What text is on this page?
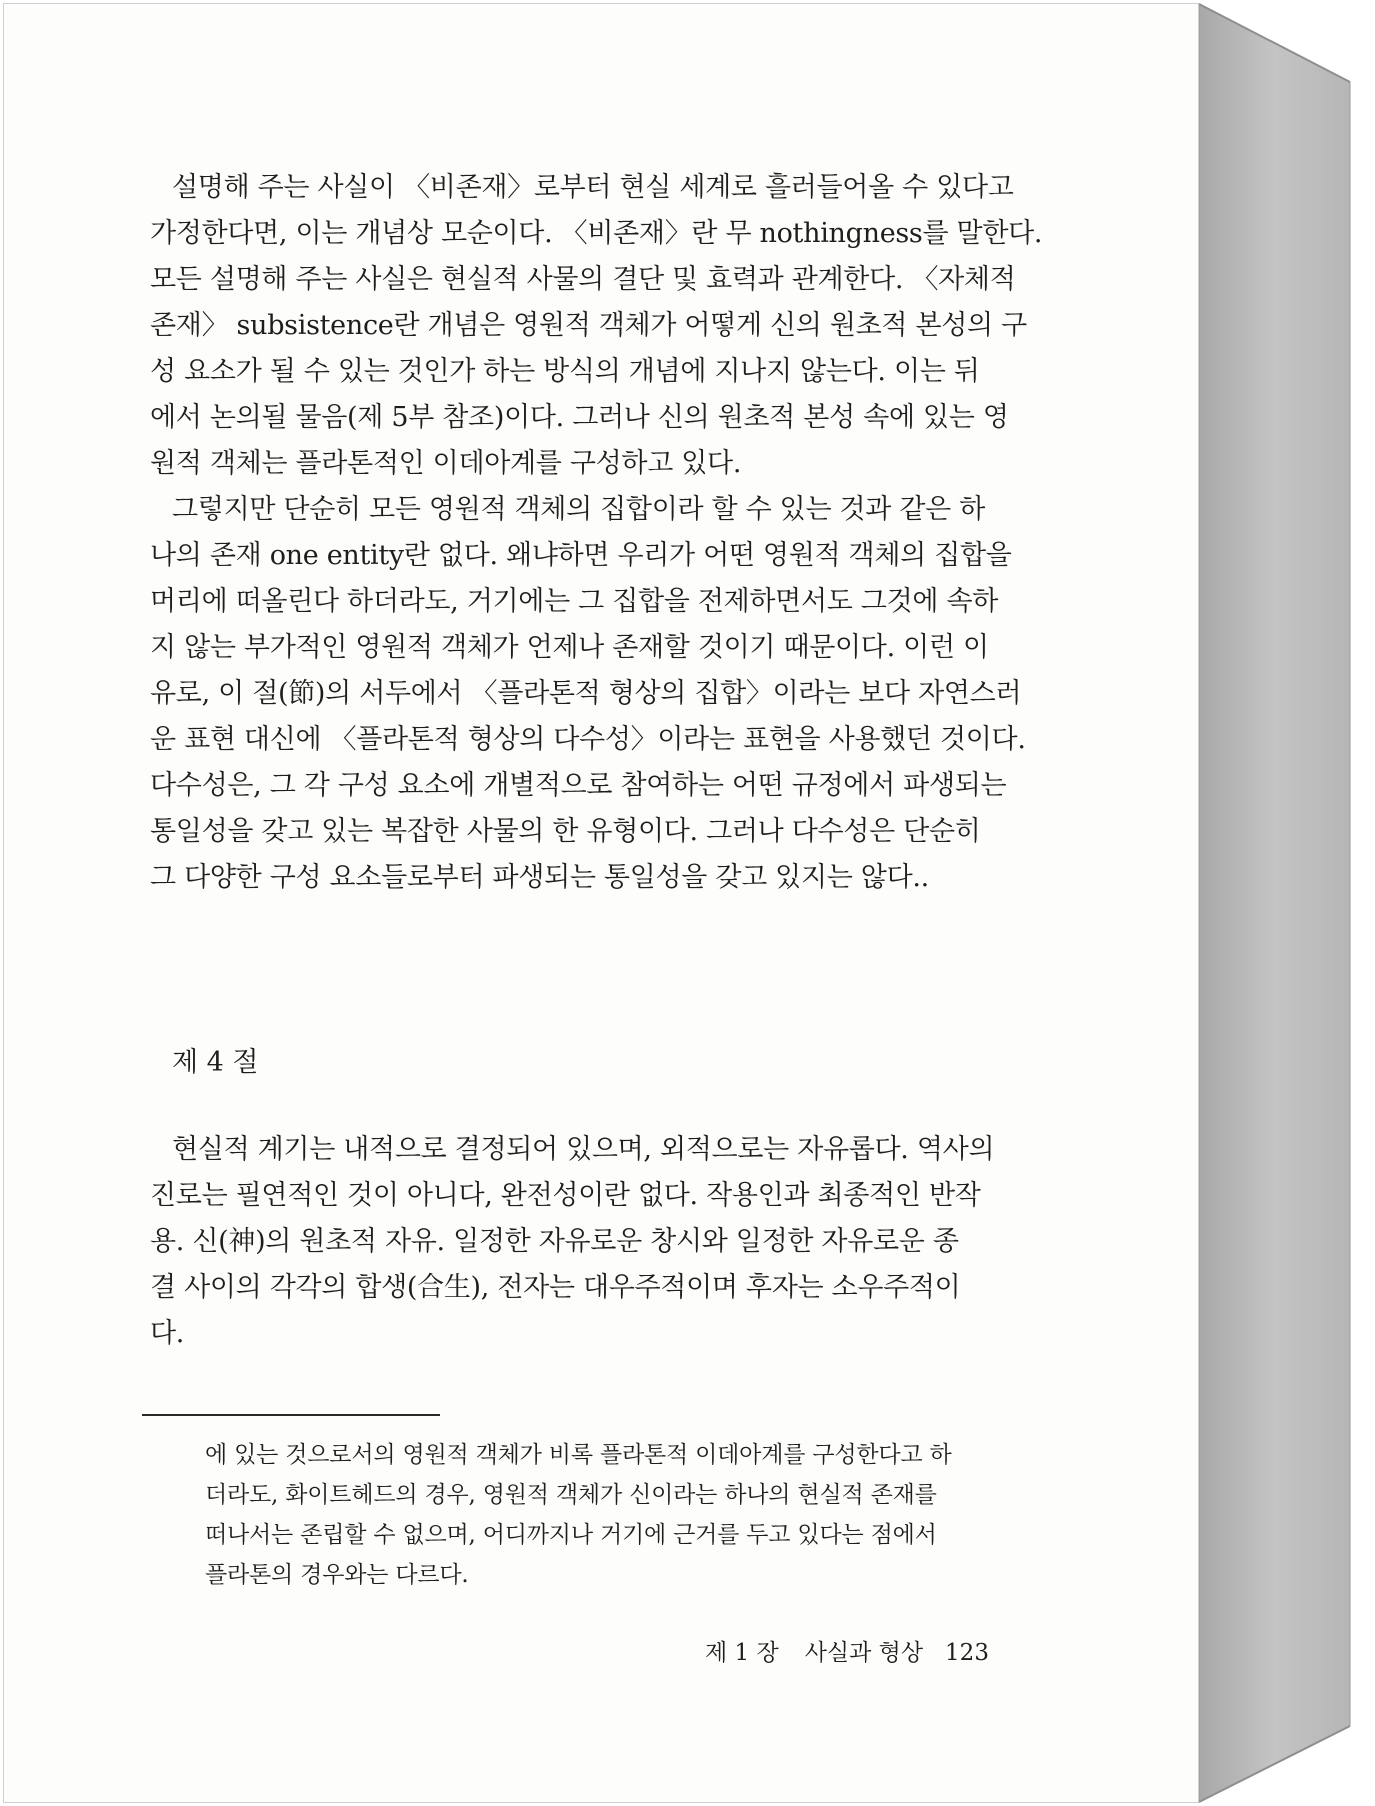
설명해 주는 사실이 〈비존재〉로부터 현실 세계로 흘러들어올 수 있다고
가정한다면, 이는 개념상 모순이다. 〈비존재〉란 무 nothingness를 말한다.
모든 설명해 주는 사실은 현실적 사물의 결단 및 효력과 관계한다. 〈자체적
존재〉 subsistence란 개념은 영원적 객체가 어떻게 신의 원초적 본성의 구
성 요소가 될 수 있는 것인가 하는 방식의 개념에 지나지 않는다. 이는 뒤
에서 논의될 물음(제 5부 참조)이다. 그러나 신의 원초적 본성 속에 있는 영
원적 객체는 플라톤적인 이데아계를 구성하고 있다.

그렇지만 단순히 모든 영원적 객체의 집합이라 할 수 있는 것과 같은 하
나의 존재 one entity란 없다. 왜냐하면 우리가 어떤 영원적 객체의 집합을
머리에 떠올린다 하더라도, 거기에는 그 집합을 전제하면서도 그것에 속하
지 않는 부가적인 영원적 객체가 언제나 존재할 것이기 때문이다. 이런 이
유로, 이 절(節)의 서두에서 〈플라톤적 형상의 집합〉이라는 보다 자연스러
운 표현 대신에 〈플라톤적 형상의 다수성〉이라는 표현을 사용했던 것이다.
다수성은, 그 각 구성 요소에 개별적으로 참여하는 어떤 규정에서 파생되는
통일성을 갖고 있는 복잡한 사물의 한 유형이다. 그러나 다수성은 단순히
그 다양한 구성 요소들로부터 파생되는 통일성을 갖고 있지는 않다..

제 4 절

현실적 계기는 내적으로 결정되어 있으며, 외적으로는 자유롭다. 역사의
진로는 필연적인 것이 아니다, 완전성이란 없다. 작용인과 최종적인 반작
용. 신(神)의 원초적 자유. 일정한 자유로운 창시와 일정한 자유로운 종
결 사이의 각각의 합생(合生), 전자는 대우주적이며 후자는 소우주적이
다.

에 있는 것으로서의 영원적 객체가 비록 플라톤적 이데아계를 구성한다고 하
더라도, 화이트헤드의 경우, 영원적 객체가 신이라는 하나의 현실적 존재를
떠나서는 존립할 수 없으며, 어디까지나 거기에 근거를 두고 있다는 점에서
플라톤의 경우와는 다르다.

제 1 장 사실과 형상 123
